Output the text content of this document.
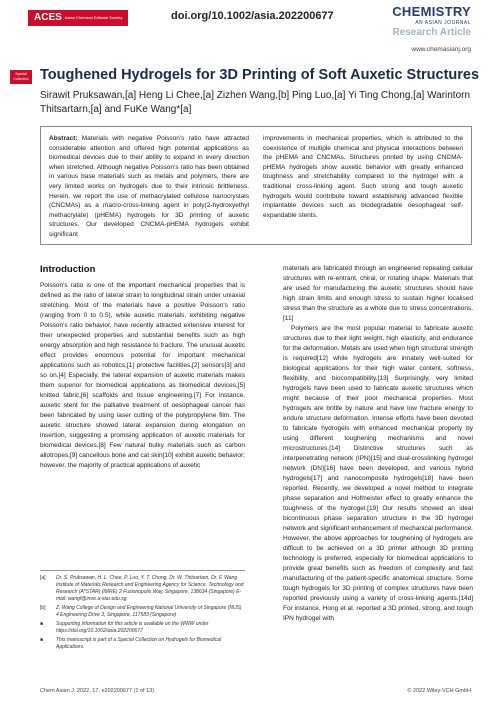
ACES Asian Chemical Editorial Society	doi.org/10.1002/asia.202200677	CHEMISTRY
AN ASIAN JOURNAL
Research Article
www.chemasianj.org
Special Collection Toughened Hydrogels for 3D Printing of Soft Auxetic Structures
Sirawit Pruksawan,[a] Heng Li Chee,[a] Zizhen Wang,[b] Ping Luo,[a] Yi Ting Chong,[a] Warintorn Thitsartarn,[a] and FuKe Wang*[a]
Abstract: Materials with negative Poisson's ratio have attracted considerable attention and offered high potential applications as biomedical devices due to their ability to expand in every direction when stretched. Although negative Poisson's ratio has been obtained in various base materials such as metals and polymers, there are very limited works on hydrogels due to their intrinsic brittleness. Herein, we report the use of methacrylated cellulose nanocrystals (CNCMAs) as a macro-cross-linking agent in poly(2-hydroxyethyl methacrylate) (pHEMA) hydrogels for 3D printing of auxetic structures. Our developed CNCMA-pHEMA hydrogels exhibit significant
improvements in mechanical properties, which is attributed to the coexistence of multiple chemical and physical interactions between the pHEMA and CNCMAs. Structures printed by using CNCMA-pHEMA hydrogels show auxetic behavior with greatly enhanced toughness and stretchability compared to the hydrogel with a traditional cross-linking agent. Such strong and tough auxetic hydrogels would contribute toward establishing advanced flexible implantable devices such as biodegradable oesophageal self-expandable stents.
Introduction

Poisson's ratio is one of the important mechanical properties that is defined as the ratio of lateral strain to longitudinal strain under uniaxial stretching. Most of the materials have a positive Poisson's ratio (ranging from 0 to 0.5), while auxetic materials, exhibiting negative Poisson's ratio behavior, have recently attracted extensive interest for their unexpected properties and substantial benefits such as high energy absorption and high resistance to fracture. The unusual auxetic effect provides enormous potential for important mechanical applications such as robotics,[1] protective facilities,[2] sensors[3] and so on.[4] Especially, the lateral expansion of auxetic materials makes them superior for biomedical applications as biomedical devices,[5] knitted fabric,[6] scaffolds and tissue engineering.[7] For instance, auxetic stent for the palliative treatment of oesophageal cancer has been fabricated by using laser cutting of the polypropylene film. The auxetic structure showed lateral expansion during elongation on insertion, suggesting a promising application of auxetic materials for biomedical devices.[8] Few natural bulky materials such as carbon allotropes,[9] cancellous bone and cat skin[10] exhibit auxetic behavior; however, the majority of practical applications of auxetic

materials are fabricated through an engineered repeating cellular structures with re-entrant, chiral, or rotating shape. Materials that are used for manufacturing the auxetic structures should have high strain limits and enough stress to sustain higher localised stress than the structure as a whole due to stress concentrations.[11]

Polymers are the most popular material to fabricate auxetic structures due to their light weight, high elasticity, and endurance for the deformation. Metals are used when high structural strength is required[12] while hydrogels are innately well-suited for biological applications for their high water content, softness, flexibility, and biocompatibility.[13] Surprisingly, very limited hydrogels have been used to fabricate auxetic structures which might because of their poor mechanical properties. Most hydrogels are brittle by nature and have low fracture energy to endure structure deformation. Intense efforts have been devoted to fabricate hydrogels with enhanced mechanical property by using different toughening mechanisms and novel microstructures.[14] Distinctive structures such as interpenetrating network (IPN)[15] and dual-crosslinking hydrogel network (DN)[16] have been developed, and various hybrid hydrogels[17] and nanocomposite hydrogels[18] have been reported. Recently, we developed a novel method to integrate phase separation and Hofmeister effect to greatly enhance the toughness of the hydrogel.[19] Our results showed an ideal bicontinuous phase separation structure in the 3D hydrogel network and significant enhancement of mechanical performance. However, the above approaches for toughening of hydrogels are difficult to be achieved on a 3D printer although 3D printing technology is preferred, especially for biomedical applications to provide great benefits such as freedom of complexity and fast manufacturing of the patient-specific anatomical structure. Some tough hydrogels for 3D printing of complex structures have been reported previously using a variety of cross-linking agents.[14d] For instance, Hong et al. reported a 3D printed, strong, and tough IPN hydrogel with

[a]	Dr. S. Pruksawan, H. L. Chee, P. Luo, Y. T. Chong, Dr. W. Thitsartarn, Dr. F. Wang Institute of Materials Research and Engineering Agency for Science, Technology and Research (A*STAR) (IMRE) 2 Fusionopolis Way, Singapore, 138634 (Singapore) E-mail: wangf@imre.a-star.edu.sg
[b]	Z. Wang College of Design and Engineering National University of Singapore (NUS) 4 Engineering Drive 3, Singapore, 117583 (Singapore)
■	Supporting information for this article is available on the WWW under https://doi.org/10.1002/asia.202200677
■	This manuscript is part of a Special Collection on Hydrogels for Biomedical Applications.
Chem Asian J. 2022, 17, e202200677 (1 of 13)	© 2022 Wiley-VCH GmbH
